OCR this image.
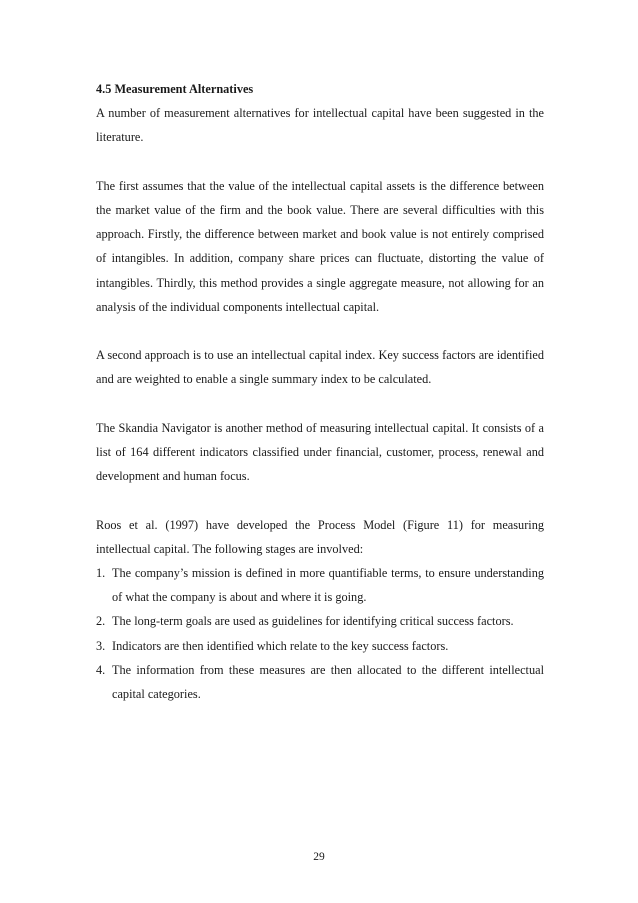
4.5 Measurement Alternatives

A number of measurement alternatives for intellectual capital have been suggested in the literature.

The first assumes that the value of the intellectual capital assets is the difference between the market value of the firm and the book value. There are several difficulties with this approach. Firstly, the difference between market and book value is not entirely comprised of intangibles. In addition, company share prices can fluctuate, distorting the value of intangibles. Thirdly, this method provides a single aggregate measure, not allowing for an analysis of the individual components intellectual capital.

A second approach is to use an intellectual capital index. Key success factors are identified and are weighted to enable a single summary index to be calculated.

The Skandia Navigator is another method of measuring intellectual capital. It consists of a list of 164 different indicators classified under financial, customer, process, renewal and development and human focus.

Roos et al. (1997) have developed the Process Model (Figure 11) for measuring intellectual capital. The following stages are involved:

1. The company’s mission is defined in more quantifiable terms, to ensure understanding of what the company is about and where it is going.
2. The long-term goals are used as guidelines for identifying critical success factors.
3. Indicators are then identified which relate to the key success factors.
4. The information from these measures are then allocated to the different intellectual capital categories.
29
